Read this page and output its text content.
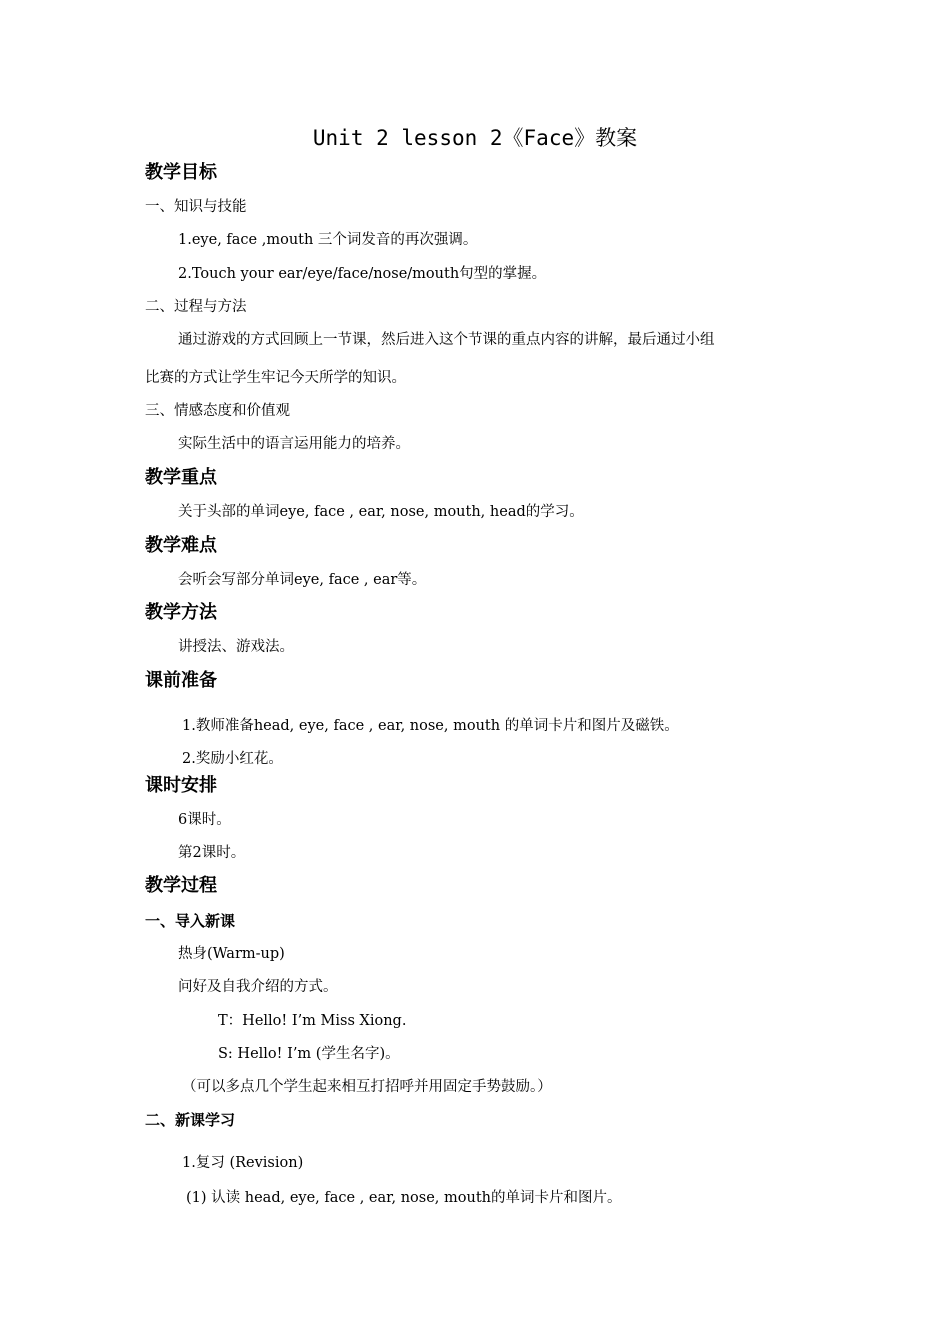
Unit 2 lesson 2《Face》教案
教学目标
一、知识与技能
1.eye, face ,mouth 三个词发音的再次强调。
2.Touch your ear/eye/face/nose/mouth句型的掌握。
二、过程与方法
通过游戏的方式回顾上一节课，然后进入这个节课的重点内容的讲解，最后通过小组
比赛的方式让学生牢记今天所学的知识。
三、情感态度和价值观
实际生活中的语言运用能力的培养。
教学重点
关于头部的单词eye, face , ear, nose, mouth, head的学习。
教学难点
会听会写部分单词eye, face , ear等。
教学方法
讲授法、游戏法。
课前准备
1.教师准备head, eye, face , ear, nose, mouth 的单词卡片和图片及磁铁。
2.奖励小红花。
课时安排
6课时。
第2课时。
教学过程
一、导入新课
热身(Warm-up)
问好及自我介绍的方式。
T：Hello! I’m Miss Xiong.
S: Hello! I’m (学生名字)。
（可以多点几个学生起来相互打招呼并用固定手势鼓励。）
二、新课学习
1.复习 (Revision)
(1) 认读 head, eye, face , ear, nose, mouth的单词卡片和图片。
